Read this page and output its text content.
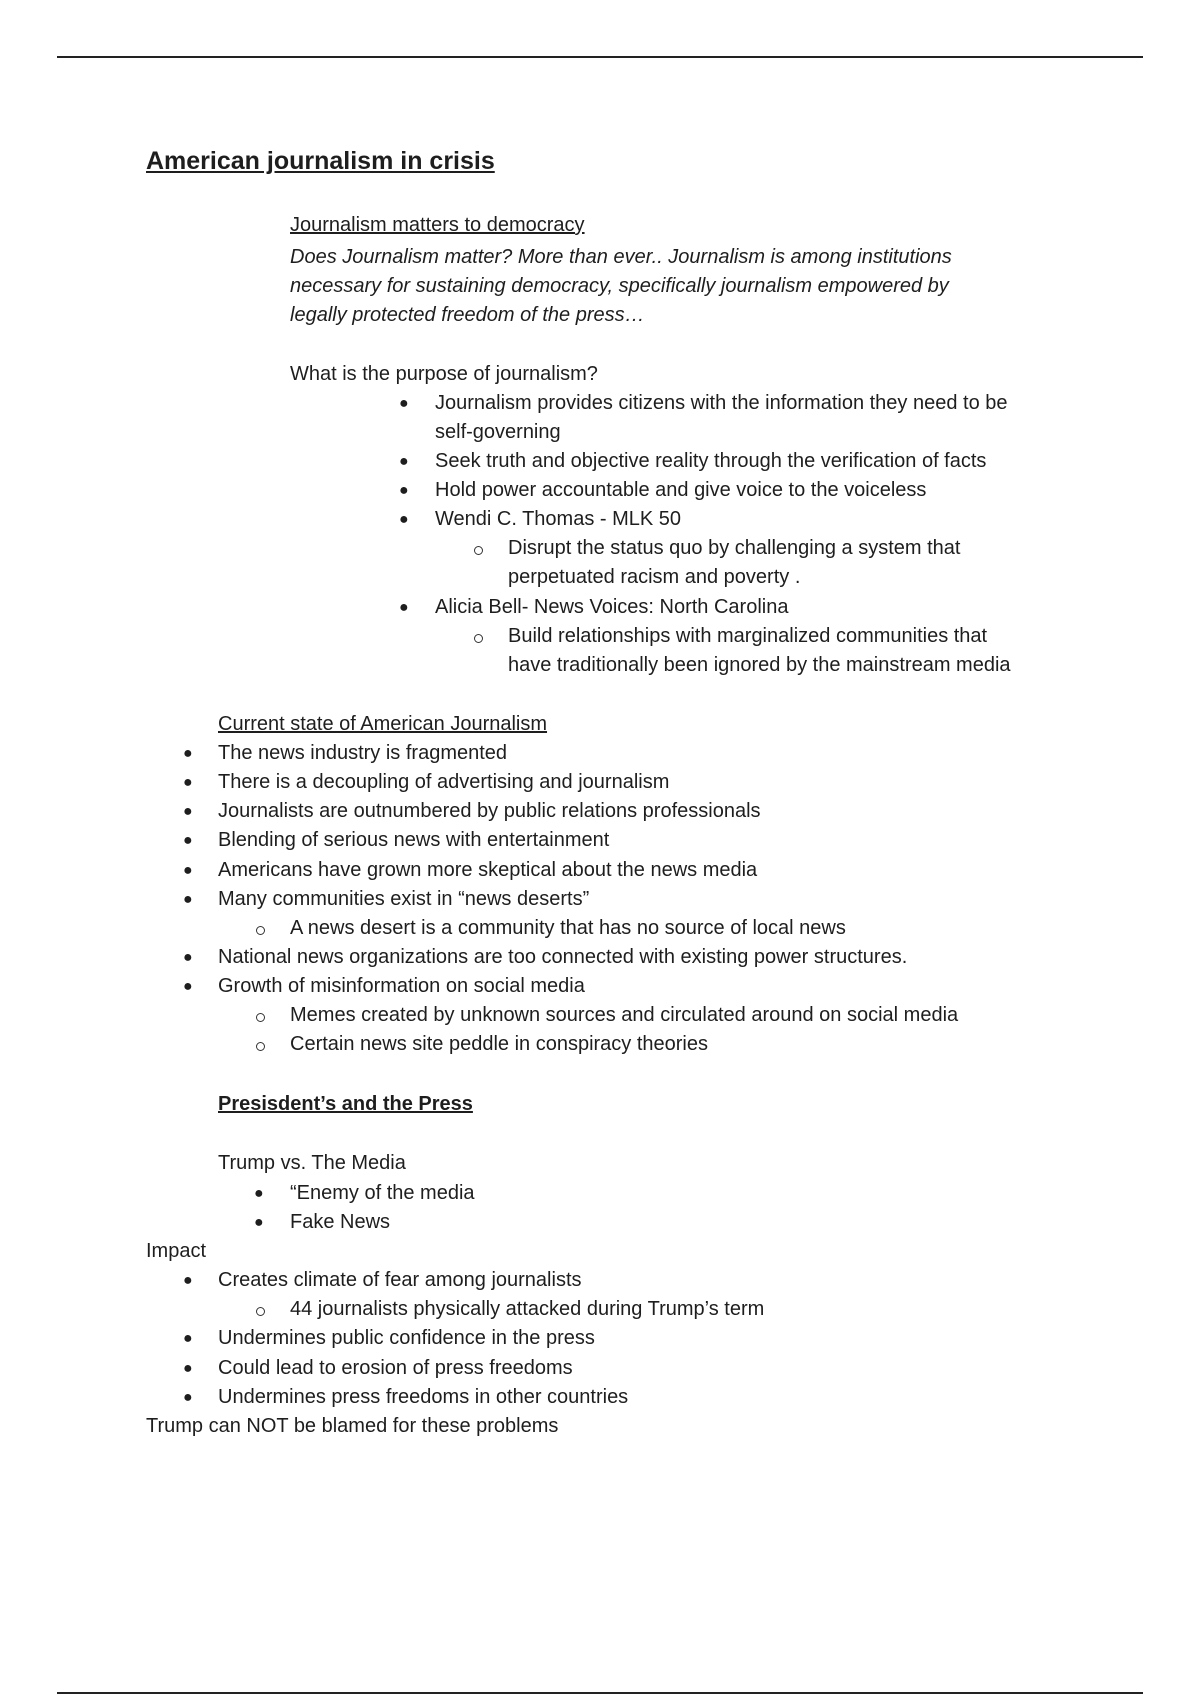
American journalism in crisis
Journalism matters to democracy
Does Journalism matter? More than ever.. Journalism is among institutions
necessary for sustaining democracy, specifically journalism empowered by
legally protected freedom of the press…
What is the purpose of journalism?
● Journalism provides citizens with the information they need to be
self-governing
● Seek truth and objective reality through the verification of facts
● Hold power accountable and give voice to the voiceless
● Wendi C. Thomas - MLK 50
Disrupt the status quo by challenging a system that
perpetuated racism and poverty .
● Alicia Bell- News Voices: North Carolina
Build relationships with marginalized communities that
have traditionally been ignored by the mainstream media
Current state of American Journalism
● The news industry is fragmented
● There is a decoupling of advertising and journalism
● Journalists are outnumbered by public relations professionals
● Blending of serious news with entertainment
● Americans have grown more skeptical about the news media
● Many communities exist in “news deserts”
A news desert is a community that has no source of local news
● National news organizations are too connected with existing power structures.
● Growth of misinformation on social media
Memes created by unknown sources and circulated around on social media
Certain news site peddle in conspiracy theories
Presisdent’s and the Press
Trump vs. The Media
● “Enemy of the media
● Fake News
Impact
● Creates climate of fear among journalists
44 journalists physically attacked during Trump’s term
● Undermines public confidence in the press
● Could lead to erosion of press freedoms
● Undermines press freedoms in other countries
Trump can NOT be blamed for these problems
